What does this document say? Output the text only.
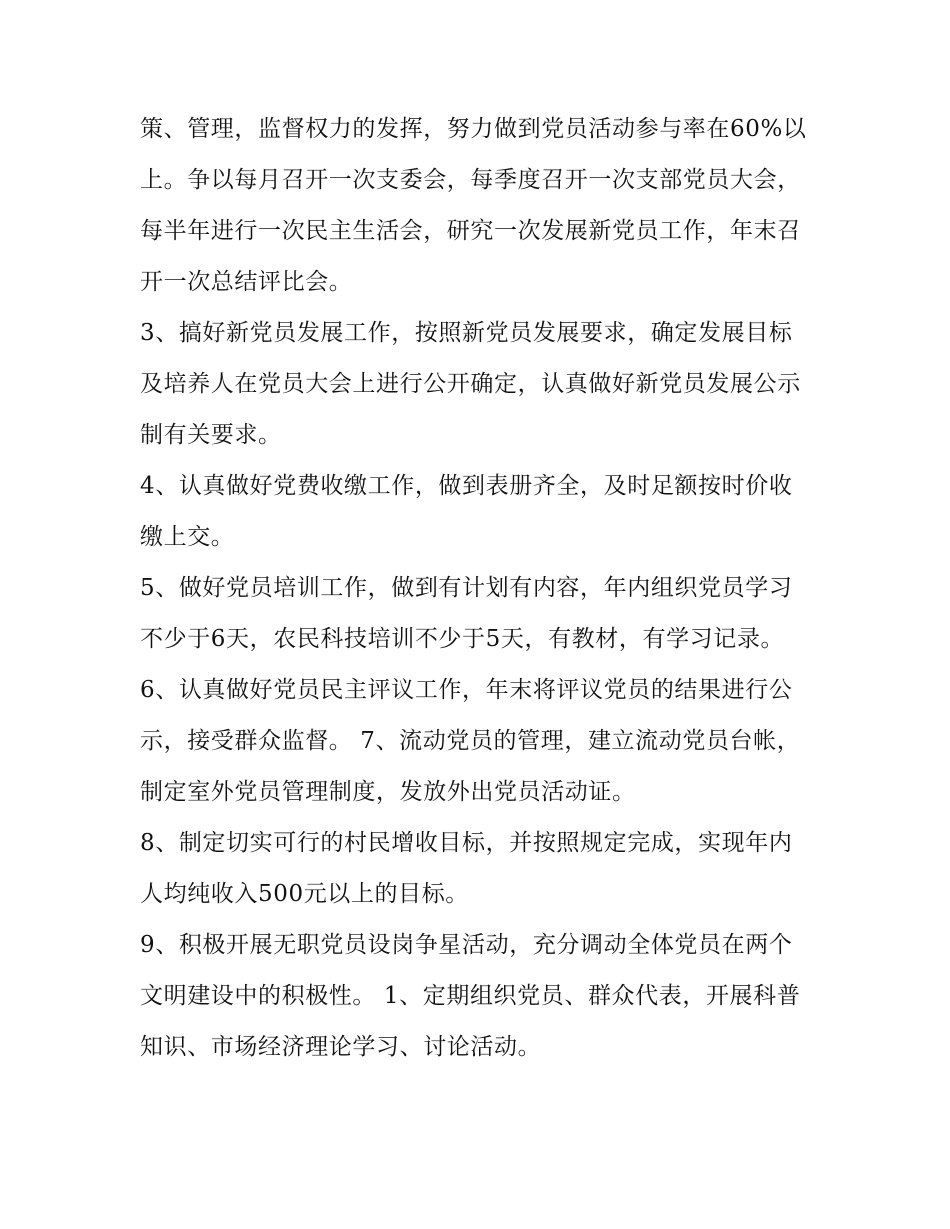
策、管理，监督权力的发挥，努力做到党员活动参与率在60%以上。争以每月召开一次支委会，每季度召开一次支部党员大会，每半年进行一次民主生活会，研究一次发展新党员工作，年末召开一次总结评比会。

3、搞好新党员发展工作，按照新党员发展要求，确定发展目标及培养人在党员大会上进行公开确定，认真做好新党员发展公示制有关要求。

4、认真做好党费收缴工作，做到表册齐全，及时足额按时价收缴上交。

5、做好党员培训工作，做到有计划有内容，年内组织党员学习不少于6天，农民科技培训不少于5天，有教材，有学习记录。

6、认真做好党员民主评议工作，年末将评议党员的结果进行公示，接受群众监督。 7、流动党员的管理，建立流动党员台帐，制定室外党员管理制度，发放外出党员活动证。

8、制定切实可行的村民增收目标，并按照规定完成，实现年内人均纯收入500元以上的目标。

9、积极开展无职党员设岗争星活动，充分调动全体党员在两个文明建设中的积极性。 1、定期组织党员、群众代表，开展科普知识、市场经济理论学习、讨论活动。
